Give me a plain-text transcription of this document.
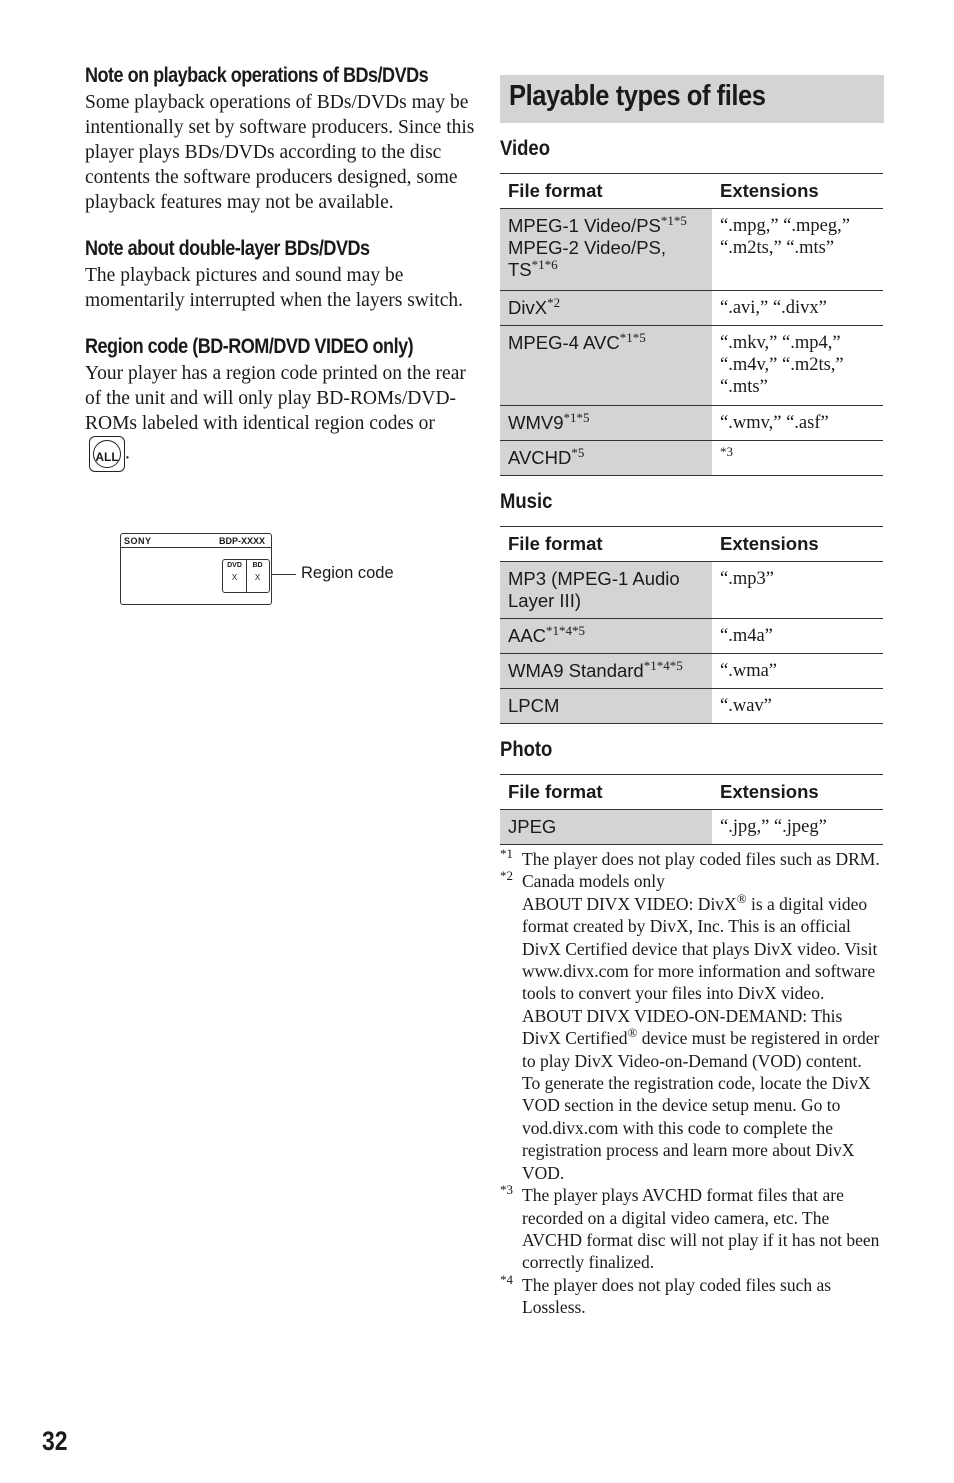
Note on playback operations of BDs/DVDs

Some playback operations of BDs/DVDs may be intentionally set by software producers. Since this player plays BDs/DVDs according to the disc contents the software producers designed, some playback features may not be available.

Note about double-layer BDs/DVDs

The playback pictures and sound may be momentarily interrupted when the layers switch.

Region code (BD-ROM/DVD VIDEO only)

Your player has a region code printed on the rear of the unit and will only play BD-ROMs/DVD-ROMs labeled with identical region codes or
ALL .

SONY	BDP-XXXX
DVD
X
BD
X	Region code
Playable types of files
Video
File format	Extensions
MPEG-1 Video/$PS^{*1*5}$
MPEG-2 Video/PS, $TS^{*1*6}$	“.mpg,” “.mpeg,” “.m2ts,” “.mts”
DivX$^{*2}$	“.avi,” “.divx”
MPEG-4 $AVC^{*1*5}$	“.mkv,” “.mp4,” “.m4v,” “.m2ts,” “.mts”
$WMV9^{*1*5}$	“.wmv,” “.asf”
AVCHD$^{*5}$	$^{*3}$
Music
File format	Extensions
MP3 (MPEG-1 Audio Layer III)	“.mp3”
$AAC^{*1*4*5}$	“.m4a”
WMA9 Standard$^{*1*4*5}$	“.wma”
LPCM	“.wav”
Photo
File format	Extensions
JPEG	“.jpg,” “.jpeg”
*1 The player does not play coded files such as DRM.
*2 Canada models only
ABOUT DIVX VIDEO: DivX® is a digital video format created by DivX, Inc. This is an official DivX Certified device that plays DivX video. Visit www.divx.com for more information and software tools to convert your files into DivX video.
ABOUT DIVX VIDEO-ON-DEMAND: This DivX Certified® device must be registered in order to play DivX Video-on-Demand (VOD) content. To generate the registration code, locate the DivX VOD section in the device setup menu. Go to vod.divx.com with this code to complete the registration process and learn more about DivX VOD.
*3 The player plays AVCHD format files that are recorded on a digital video camera, etc. The AVCHD format disc will not play if it has not been correctly finalized.
*4 The player does not play coded files such as Lossless.
32
